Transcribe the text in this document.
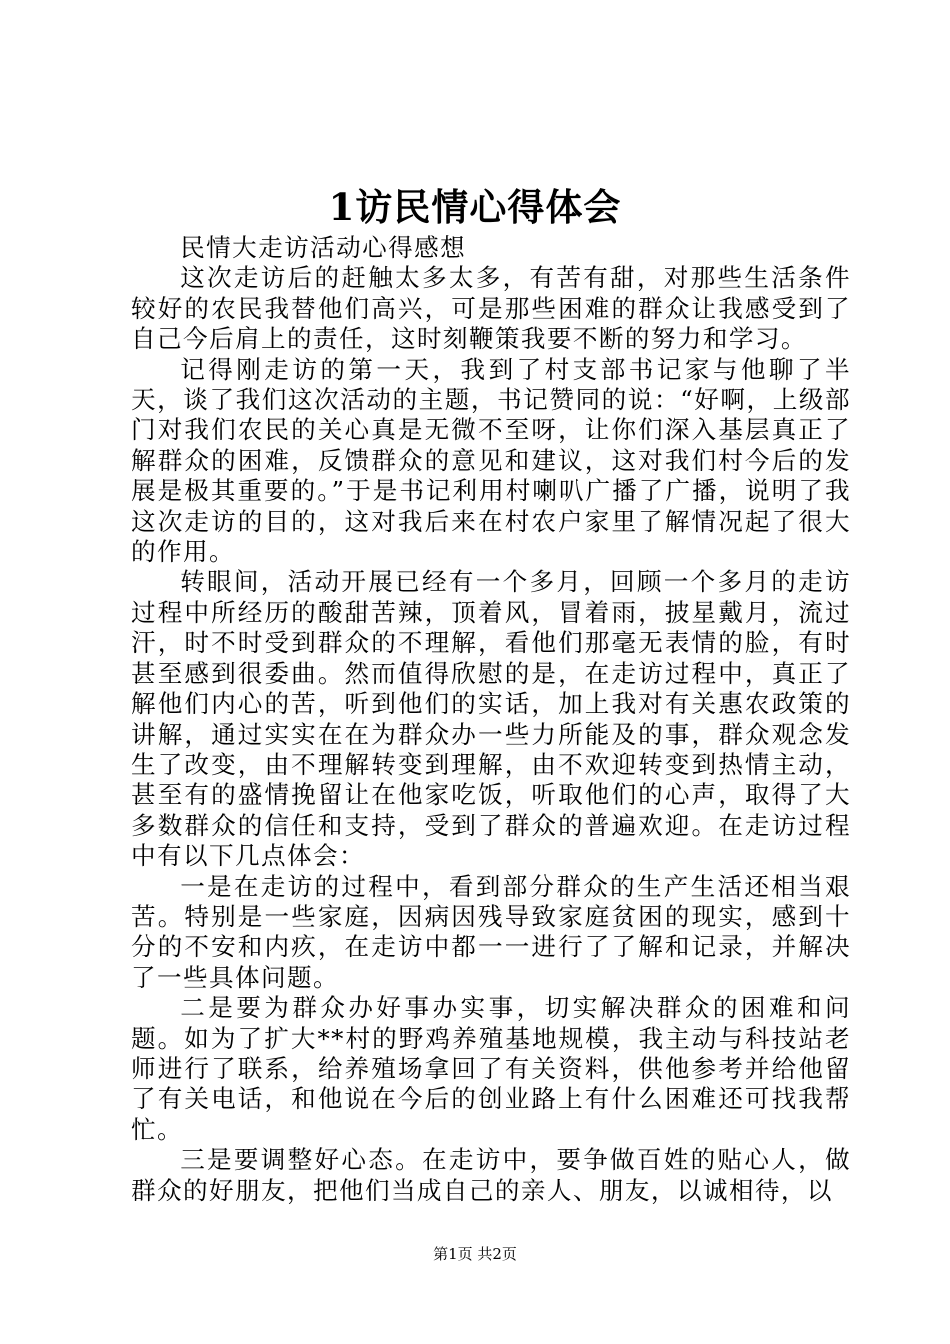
1访民情心得体会

民情大走访活动心得感想

这次走访后的赶触太多太多，有苦有甜，对那些生活条件较好的农民我替他们高兴，可是那些困难的群众让我感受到了自己今后肩上的责任，这时刻鞭策我要不断的努力和学习。

记得刚走访的第一天，我到了村支部书记家与他聊了半天，谈了我们这次活动的主题，书记赞同的说：“好啊，上级部门对我们农民的关心真是无微不至呀，让你们深入基层真正了解群众的困难，反馈群众的意见和建议，这对我们村今后的发展是极其重要的。”于是书记利用村喇叭广播了广播，说明了我这次走访的目的，这对我后来在村农户家里了解情况起了很大的作用。

转眼间，活动开展已经有一个多月，回顾一个多月的走访过程中所经历的酸甜苦辣，顶着风，冒着雨，披星戴月，流过汗，时不时受到群众的不理解，看他们那毫无表情的脸，有时甚至感到很委曲。然而值得欣慰的是，在走访过程中，真正了解他们内心的苦，听到他们的实话，加上我对有关惠农政策的讲解，通过实实在在为群众办一些力所能及的事，群众观念发生了改变，由不理解转变到理解，由不欢迎转变到热情主动，甚至有的盛情挽留让在他家吃饭，听取他们的心声，取得了大多数群众的信任和支持，受到了群众的普遍欢迎。在走访过程中有以下几点体会：

一是在走访的过程中，看到部分群众的生产生活还相当艰苦。特别是一些家庭，因病因残导致家庭贫困的现实，感到十分的不安和内疚，在走访中都一一进行了了解和记录，并解决了一些具体问题。

二是要为群众办好事办实事，切实解决群众的困难和问题。如为了扩大**村的野鸡养殖基地规模，我主动与科技站老师进行了联系，给养殖场拿回了有关资料，供他参考并给他留了有关电话，和他说在今后的创业路上有什么困难还可找我帮忙。

三是要调整好心态。在走访中，要争做百姓的贴心人，做群众的好朋友，把他们当成自己的亲人、朋友，以诚相待，以

第1页 共2页
